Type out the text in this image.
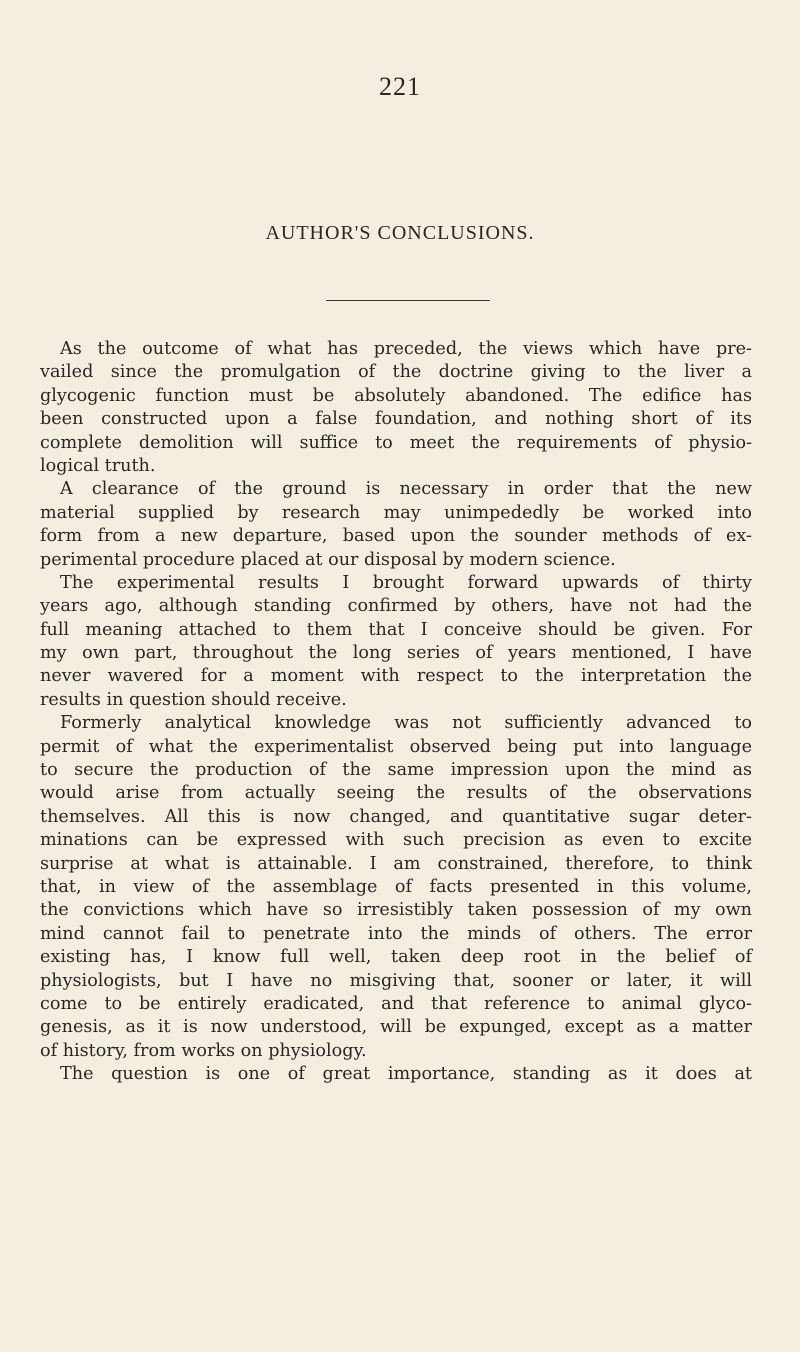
221
AUTHOR'S CONCLUSIONS.
As the outcome of what has preceded, the views which have pre-
vailed since the promulgation of the doctrine giving to the liver a
glycogenic function must be absolutely abandoned. The edifice has
been constructed upon a false foundation, and nothing short of its
complete demolition will suffice to meet the requirements of physio-
logical truth.
A clearance of the ground is necessary in order that the new
material supplied by research may unimpededly be worked into
form from a new departure, based upon the sounder methods of ex-
perimental procedure placed at our disposal by modern science.
The experimental results I brought forward upwards of thirty
years ago, although standing confirmed by others, have not had the
full meaning attached to them that I conceive should be given. For
my own part, throughout the long series of years mentioned, I have
never wavered for a moment with respect to the interpretation the
results in question should receive.
Formerly analytical knowledge was not sufficiently advanced to
permit of what the experimentalist observed being put into language
to secure the production of the same impression upon the mind as
would arise from actually seeing the results of the observations
themselves. All this is now changed, and quantitative sugar deter-
minations can be expressed with such precision as even to excite
surprise at what is attainable. I am constrained, therefore, to think
that, in view of the assemblage of facts presented in this volume,
the convictions which have so irresistibly taken possession of my own
mind cannot fail to penetrate into the minds of others. The error
existing has, I know full well, taken deep root in the belief of
physiologists, but I have no misgiving that, sooner or later, it will
come to be entirely eradicated, and that reference to animal glyco-
genesis, as it is now understood, will be expunged, except as a matter
of history, from works on physiology.
The question is one of great importance, standing as it does at
